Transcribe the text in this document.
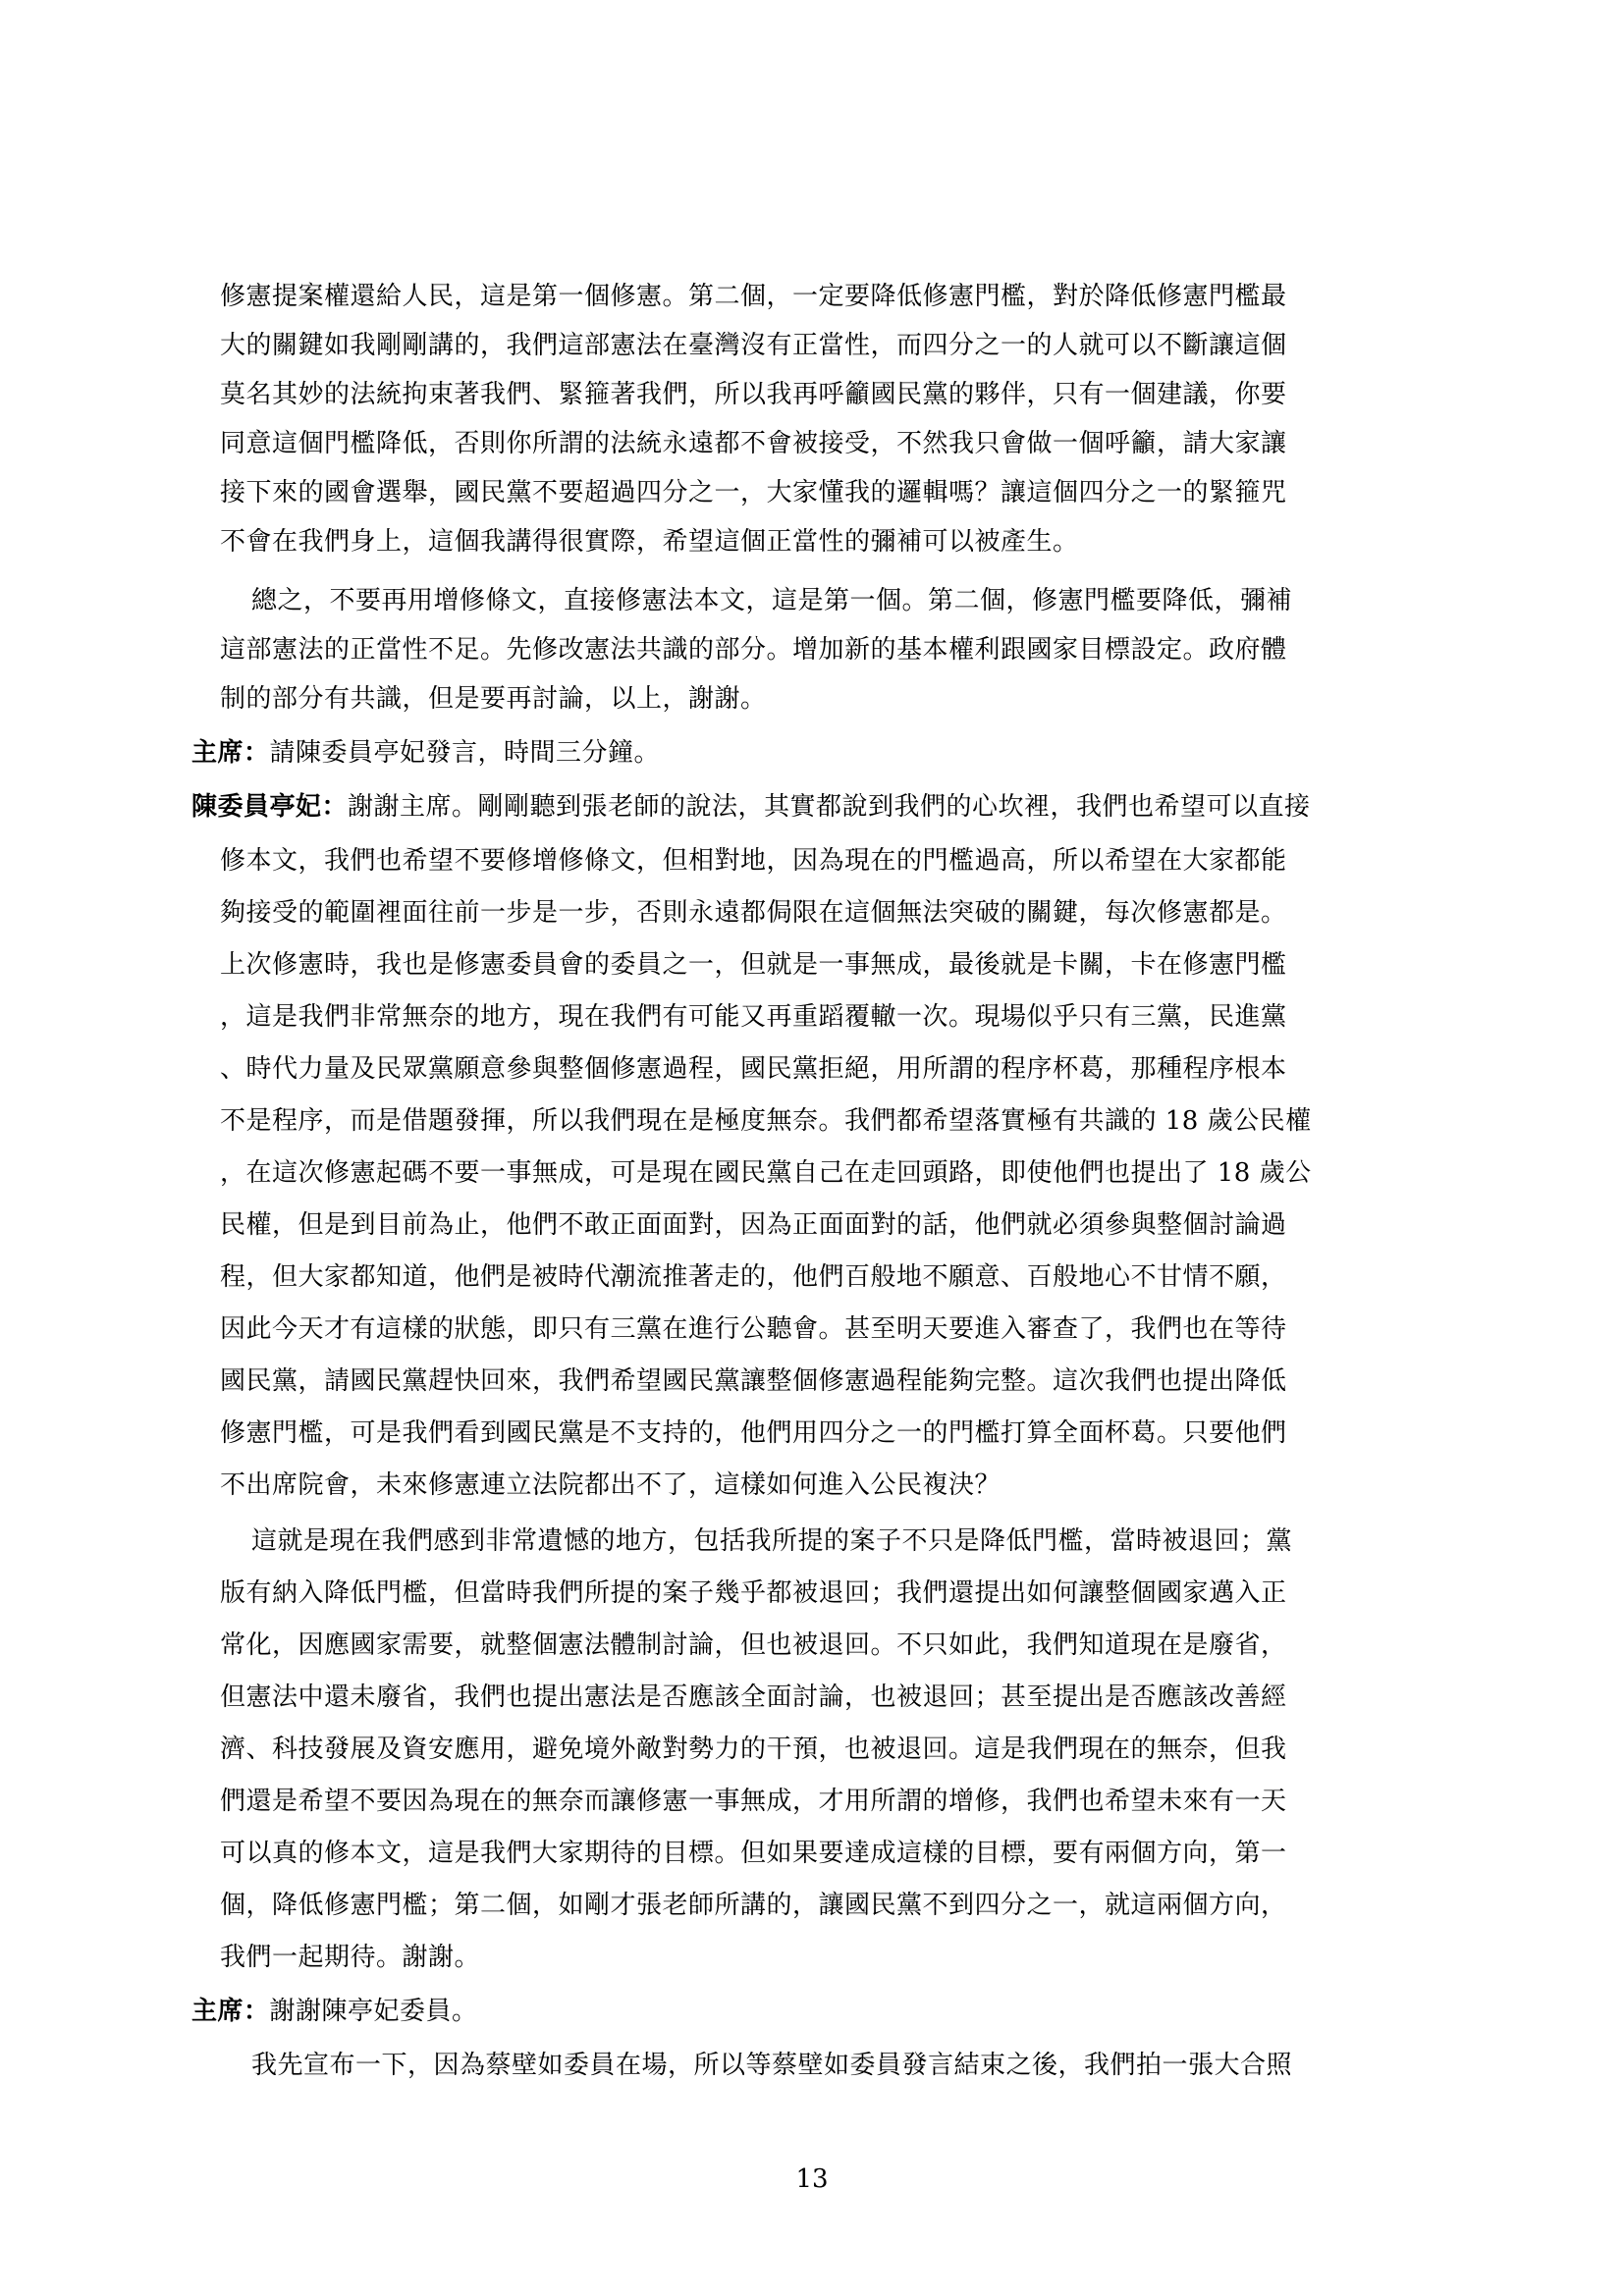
修憲提案權還給人民，這是第一個修憲。第二個，一定要降低修憲門檻，對於降低修憲門檻最
大的關鍵如我剛剛講的，我們這部憲法在臺灣沒有正當性，而四分之一的人就可以不斷讓這個
莫名其妙的法統拘束著我們、緊箍著我們，所以我再呼籲國民黨的夥伴，只有一個建議，你要
同意這個門檻降低，否則你所謂的法統永遠都不會被接受，不然我只會做一個呼籲，請大家讓
接下來的國會選舉，國民黨不要超過四分之一，大家懂我的邏輯嗎？讓這個四分之一的緊箍咒
不會在我們身上，這個我講得很實際，希望這個正當性的彌補可以被產生。
總之，不要再用增修條文，直接修憲法本文，這是第一個。第二個，修憲門檻要降低，彌補
這部憲法的正當性不足。先修改憲法共識的部分。增加新的基本權利跟國家目標設定。政府體
制的部分有共識，但是要再討論，以上，謝謝。
主席：請陳委員亭妃發言，時間三分鐘。
陳委員亭妃：謝謝主席。剛剛聽到張老師的說法，其實都說到我們的心坎裡，我們也希望可以直接
修本文，我們也希望不要修增修條文，但相對地，因為現在的門檻過高，所以希望在大家都能
夠接受的範圍裡面往前一步是一步，否則永遠都侷限在這個無法突破的關鍵，每次修憲都是。
上次修憲時，我也是修憲委員會的委員之一，但就是一事無成，最後就是卡關，卡在修憲門檻
，這是我們非常無奈的地方，現在我們有可能又再重蹈覆轍一次。現場似乎只有三黨，民進黨
、時代力量及民眾黨願意參與整個修憲過程，國民黨拒絕，用所謂的程序杯葛，那種程序根本
不是程序，而是借題發揮，所以我們現在是極度無奈。我們都希望落實極有共識的 18 歲公民權
，在這次修憲起碼不要一事無成，可是現在國民黨自己在走回頭路，即使他們也提出了 18 歲公
民權，但是到目前為止，他們不敢正面面對，因為正面面對的話，他們就必須參與整個討論過
程，但大家都知道，他們是被時代潮流推著走的，他們百般地不願意、百般地心不甘情不願，
因此今天才有這樣的狀態，即只有三黨在進行公聽會。甚至明天要進入審查了，我們也在等待
國民黨，請國民黨趕快回來，我們希望國民黨讓整個修憲過程能夠完整。這次我們也提出降低
修憲門檻，可是我們看到國民黨是不支持的，他們用四分之一的門檻打算全面杯葛。只要他們
不出席院會，未來修憲連立法院都出不了，這樣如何進入公民複決？
這就是現在我們感到非常遺憾的地方，包括我所提的案子不只是降低門檻，當時被退回；黨
版有納入降低門檻，但當時我們所提的案子幾乎都被退回；我們還提出如何讓整個國家邁入正
常化，因應國家需要，就整個憲法體制討論，但也被退回。不只如此，我們知道現在是廢省，
但憲法中還未廢省，我們也提出憲法是否應該全面討論，也被退回；甚至提出是否應該改善經
濟、科技發展及資安應用，避免境外敵對勢力的干預，也被退回。這是我們現在的無奈，但我
們還是希望不要因為現在的無奈而讓修憲一事無成，才用所謂的增修，我們也希望未來有一天
可以真的修本文，這是我們大家期待的目標。但如果要達成這樣的目標，要有兩個方向，第一
個，降低修憲門檻；第二個，如剛才張老師所講的，讓國民黨不到四分之一，就這兩個方向，
我們一起期待。謝謝。
主席：謝謝陳亭妃委員。
我先宣布一下，因為蔡壁如委員在場，所以等蔡壁如委員發言結束之後，我們拍一張大合照
13
